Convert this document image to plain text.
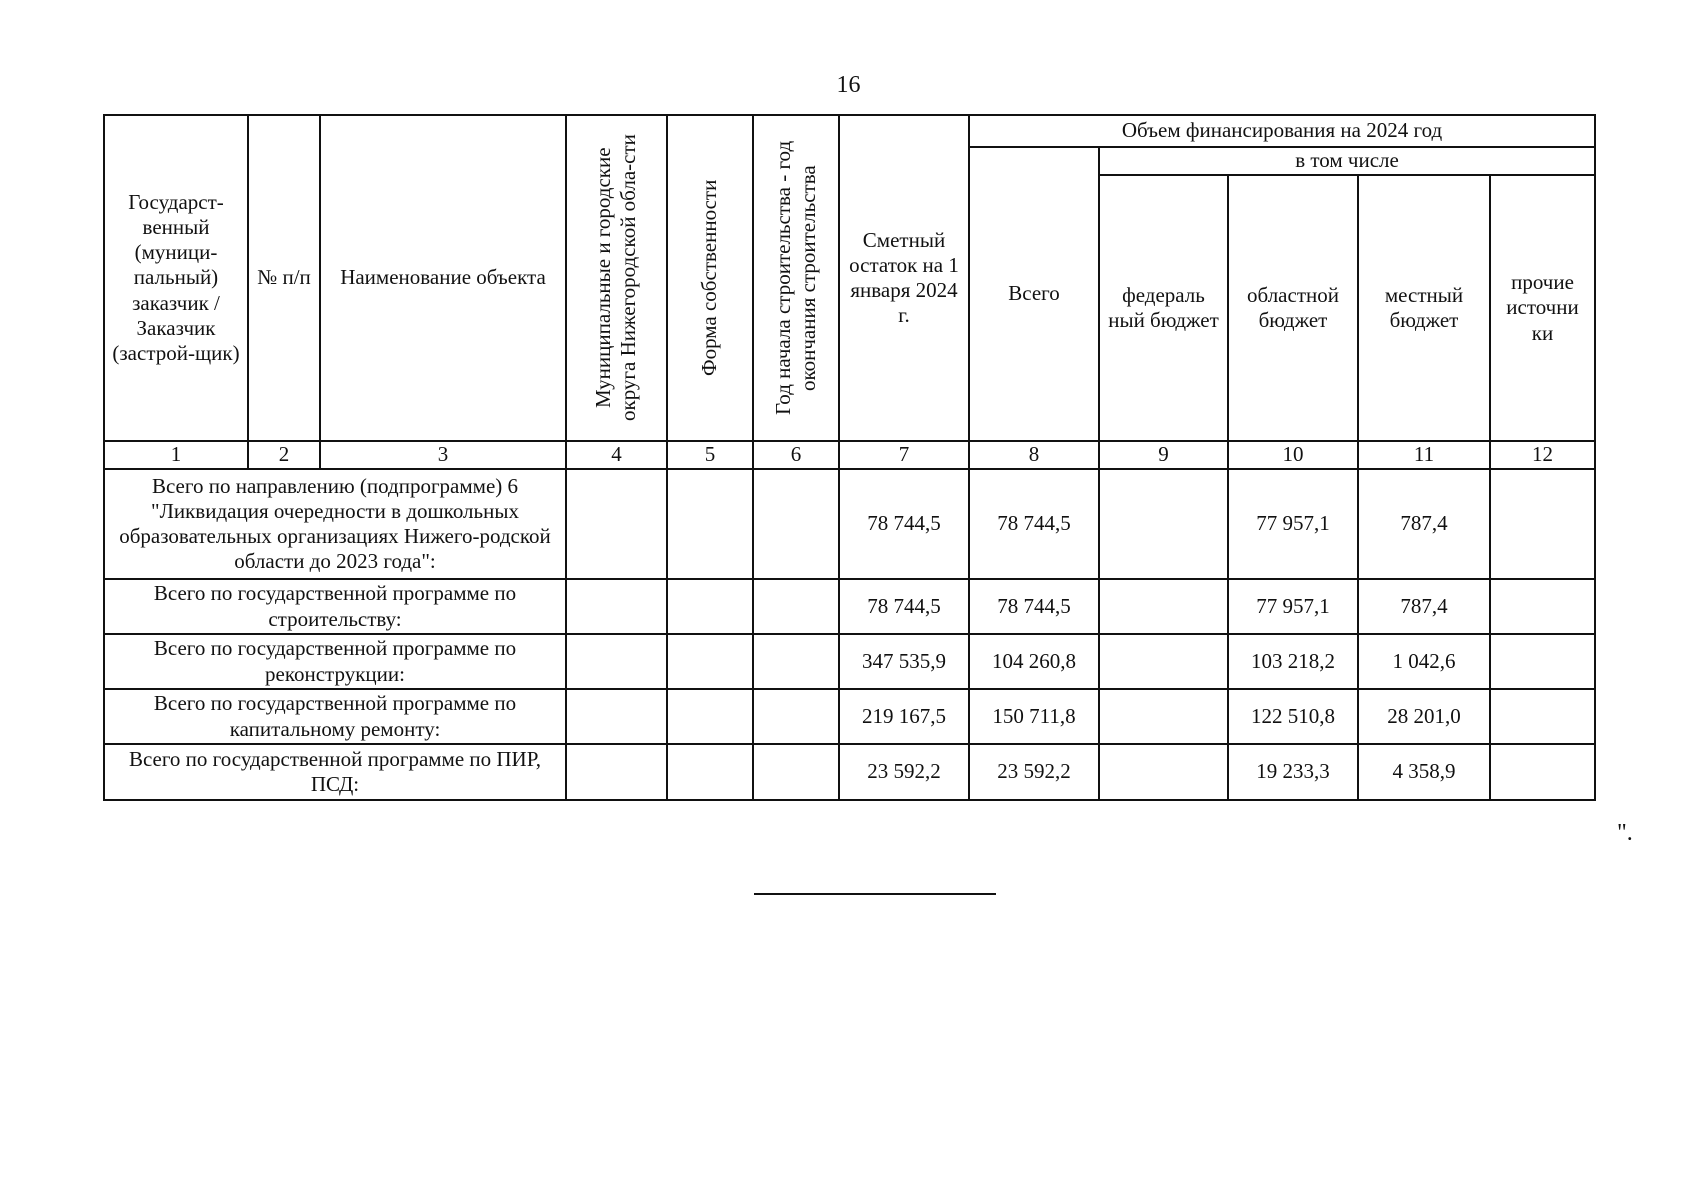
16
Государст-венный (муници-пальный) заказчик / Заказчик (застрой-щик)	№ п/п	Наименование объекта	Муниципальные и городские округа Нижегородской обла-сти	Форма собственности	Год начала строительства - год окончания строительства	Сметный остаток на 1 января 2024 г.	Объем финансирования на 2024 год				
							Всего	в том числе			
								федераль ный бюджет	областной бюджет	местный бюджет	прочие источни ки
1	2	3	4	5	6	7	8	9	10	11	12
Всего по направлению (подпрограмме) 6 "Ликвидация очередности в дошкольных образовательных организациях Нижего-родской области до 2023 года":						78 744,5	78 744,5		77 957,1	787,4	
Всего по государственной программе по строительству:						78 744,5	78 744,5		77 957,1	787,4	
Всего по государственной программе по реконструкции:						347 535,9	104 260,8		103 218,2	1 042,6	
Всего по государственной программе по капитальному ремонту:						219 167,5	150 711,8		122 510,8	28 201,0	
Всего по государственной программе по ПИР, ПСД:						23 592,2	23 592,2		19 233,3	4 358,9	
".
